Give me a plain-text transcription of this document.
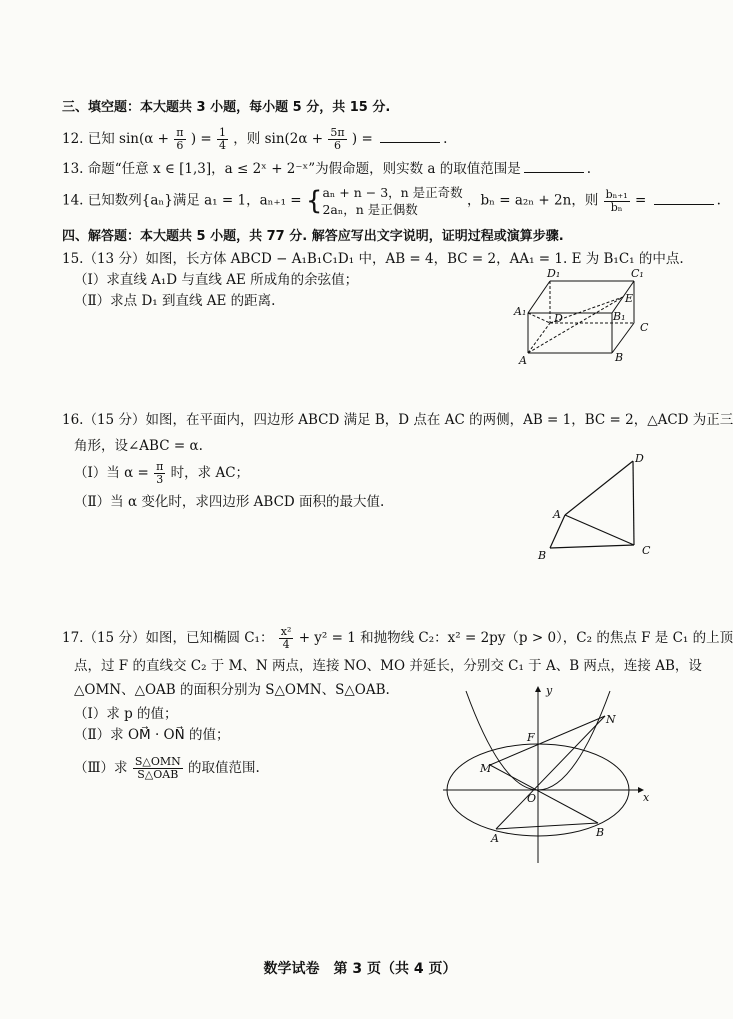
三、填空题：本大题共 3 小题，每小题 5 分，共 15 分.
12. 已知 $\sin(\alpha + \frac{\pi}{6}$ ) = $\frac{1}{4}$ ，则 $\sin(2\alpha + \frac{5\pi}{6}$ ) =	.
13. 命题“任意 x ∈ [1,3]，a ≤ 2ˣ + 2⁻ˣ”为假命题，则实数 a 的取值范围是	.
14. 已知数列{aₙ}满足 a₁ = 1，aₙ₊₁ = { aₙ + n − 3，n 是正奇数
2aₙ，n 是正偶数
，bₙ = a₂ₙ + 2n，则 $\frac{\text{bₙ₊₁}}{\text{bₙ}}$ =	.
四、解答题：本大题共 5 小题，共 77 分. 解答应写出文字说明，证明过程或演算步骤.
15.（13 分）如图，长方体 ABCD − A₁B₁C₁D₁ 中，AB = 4，BC = 2，AA₁ = 1. E 为 B₁C₁ 的中点.
（Ⅰ）求直线 A₁D 与直线 AE 所成角的余弦值；
（Ⅱ）求点 D₁ 到直线 AE 的距离.
D₁	C₁
E
A₁
D	B₁
C
A	B
16.（15 分）如图，在平面内，四边形 ABCD 满足 B，D 点在 AC 的两侧，AB = 1，BC = 2，△ACD 为正三
角形，设∠ABC = α.
（Ⅰ）当 $\alpha = \frac{\pi}{3}$ 时，求 AC；
（Ⅱ）当 α 变化时，求四边形 ABCD 面积的最大值.
D
A
B	C
17.（15 分）如图，已知椭圆 C₁： $\frac{\text{x²}}{4} + y^2 = 1$ 和抛物线 C₂：x² = 2py（p > 0），C₂ 的焦点 F 是 C₁ 的上顶
点，过 F 的直线交 C₂ 于 M、N 两点，连接 NO、MO 并延长，分别交 C₁ 于 A、B 两点，连接 AB，设
△OMN、△OAB 的面积分别为 S△OMN、S△OAB.
（Ⅰ）求 p 的值；
（Ⅱ）求 OM⃗ · ON⃗ 的值；
（Ⅲ）求 $\frac{\text{S△OMN}}{\text{S△OAB}}$ 的取值范围.
y
x
N
F
M
O
A	B
数学试卷　第 3 页（共 4 页）
